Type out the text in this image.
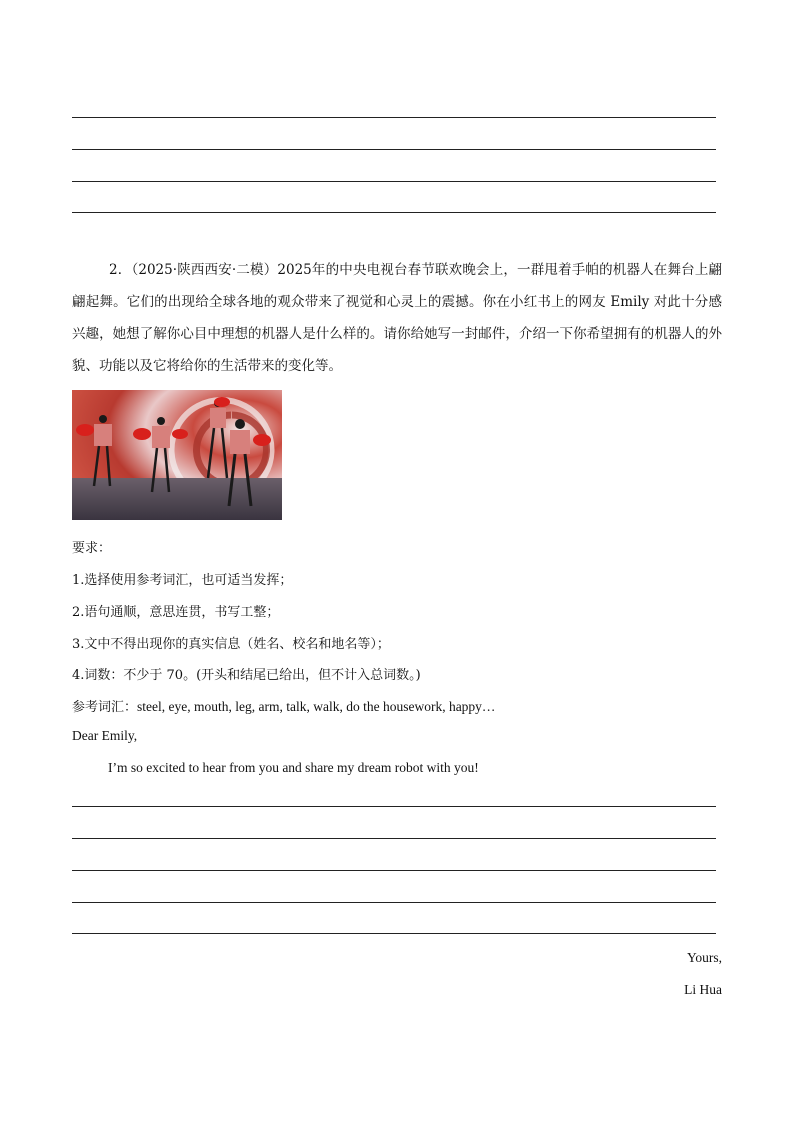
2．（2025·陕西西安·二模）2025年的中央电视台春节联欢晚会上，一群甩着手帕的机器人在舞台上翩翩起舞。它们的出现给全球各地的观众带来了视觉和心灵上的震撼。你在小红书上的网友 Emily 对此十分感兴趣，她想了解你心目中理想的机器人是什么样的。请你给她写一封邮件，介绍一下你希望拥有的机器人的外貌、功能以及它将给你的生活带来的变化等。

要求：
1.选择使用参考词汇，也可适当发挥；
2.语句通顺，意思连贯，书写工整；
3.文中不得出现你的真实信息（姓名、校名和地名等）；
4.词数：不少于 70。(开头和结尾已给出，但不计入总词数。)
参考词汇：steel, eye, mouth, leg, arm, talk, walk, do the housework, happy…
Dear Emily,
I’m so excited to hear from you and share my dream robot with you!
Yours,
Li Hua
